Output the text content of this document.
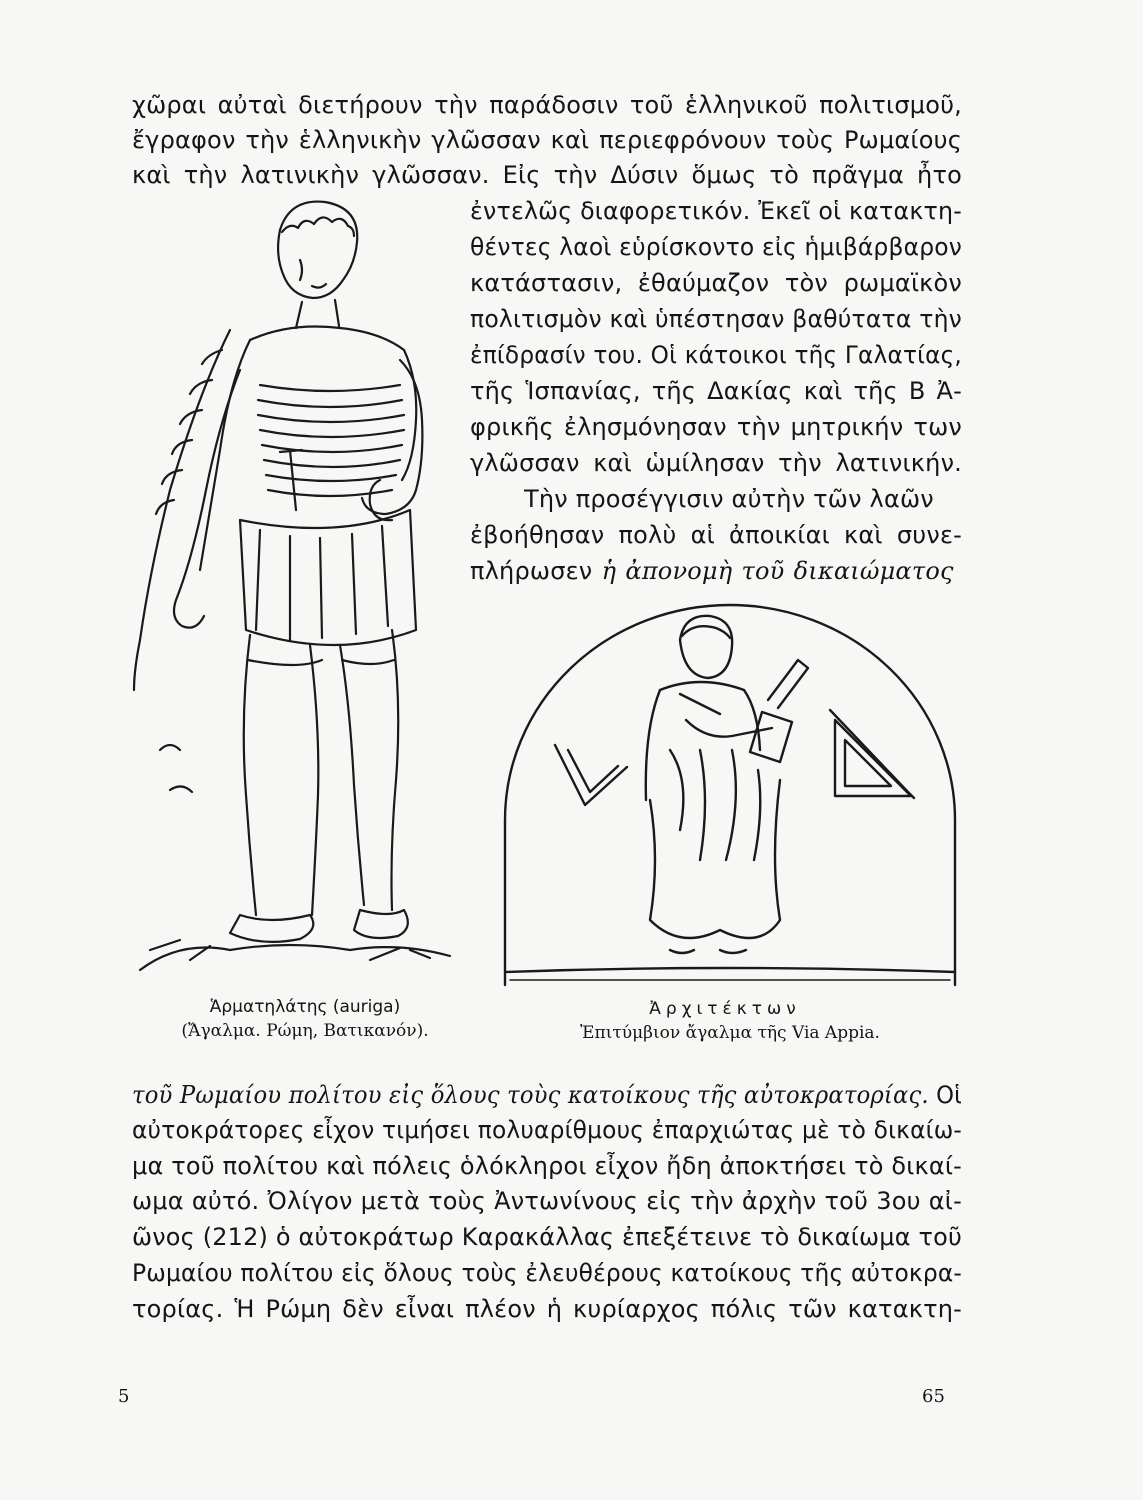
χῶραι αὐταὶ διετήρουν τὴν παράδοσιν τοῦ ἑλληνικοῦ πολιτισμοῦ,
ἔγραφον τὴν ἑλληνικὴν γλῶσσαν καὶ περιεφρόνουν τοὺς Ρωμαίους
καὶ τὴν λατινικὴν γλῶσσαν. Εἰς τὴν Δύσιν ὅμως τὸ πρᾶγμα ἦτο
ἐντελῶς διαφορετικόν. Ἐκεῖ οἱ κατακτη-
θέντες λαοὶ εὑρίσκοντο εἰς ἡμιβάρβαρον
κατάστασιν, ἐθαύμαζον τὸν ρωμαϊκὸν
πολιτισμὸν καὶ ὑπέστησαν βαθύτατα τὴν
ἐπίδρασίν του. Οἱ κάτοικοι τῆς Γαλατίας,
τῆς Ἱσπανίας, τῆς Δακίας καὶ τῆς Β Ἀ-
φρικῆς ἐλησμόνησαν τὴν μητρικήν των
γλῶσσαν καὶ ὡμίλησαν τὴν λατινικήν.
Τὴν προσέγγισιν αὐτὴν τῶν λαῶν
ἐβοήθησαν πολὺ αἱ ἀποικίαι καὶ συνε-
πλήρωσεν ἡ ἀπονομὴ τοῦ δικαιώματος
Ἁρματηλάτης (auriga)
(Ἄγαλμα. Ρώμη, Βατικανόν).
Ἀρχιτέκτων
Ἐπιτύμβιον ἄγαλμα τῆς Via Appia.
τοῦ Ρωμαίου πολίτου εἰς ὅλους τοὺς κατοίκους τῆς αὐτοκρατορίας. Οἱ
αὐτοκράτορες εἶχον τιμήσει πολυαρίθμους ἐπαρχιώτας μὲ τὸ δικαίω-
μα τοῦ πολίτου καὶ πόλεις ὁλόκληροι εἶχον ἤδη ἀποκτήσει τὸ δικαί-
ωμα αὐτό. Ὀλίγον μετὰ τοὺς Ἀντωνίνους εἰς τὴν ἀρχὴν τοῦ 3ου αἰ-
ῶνος (212) ὁ αὐτοκράτωρ Καρακάλλας ἐπεξέτεινε τὸ δικαίωμα τοῦ
Ρωμαίου πολίτου εἰς ὅλους τοὺς ἐλευθέρους κατοίκους τῆς αὐτοκρα-
τορίας. Ἡ Ρώμη δὲν εἶναι πλέον ἡ κυρίαρχος πόλις τῶν κατακτη-
5	65
